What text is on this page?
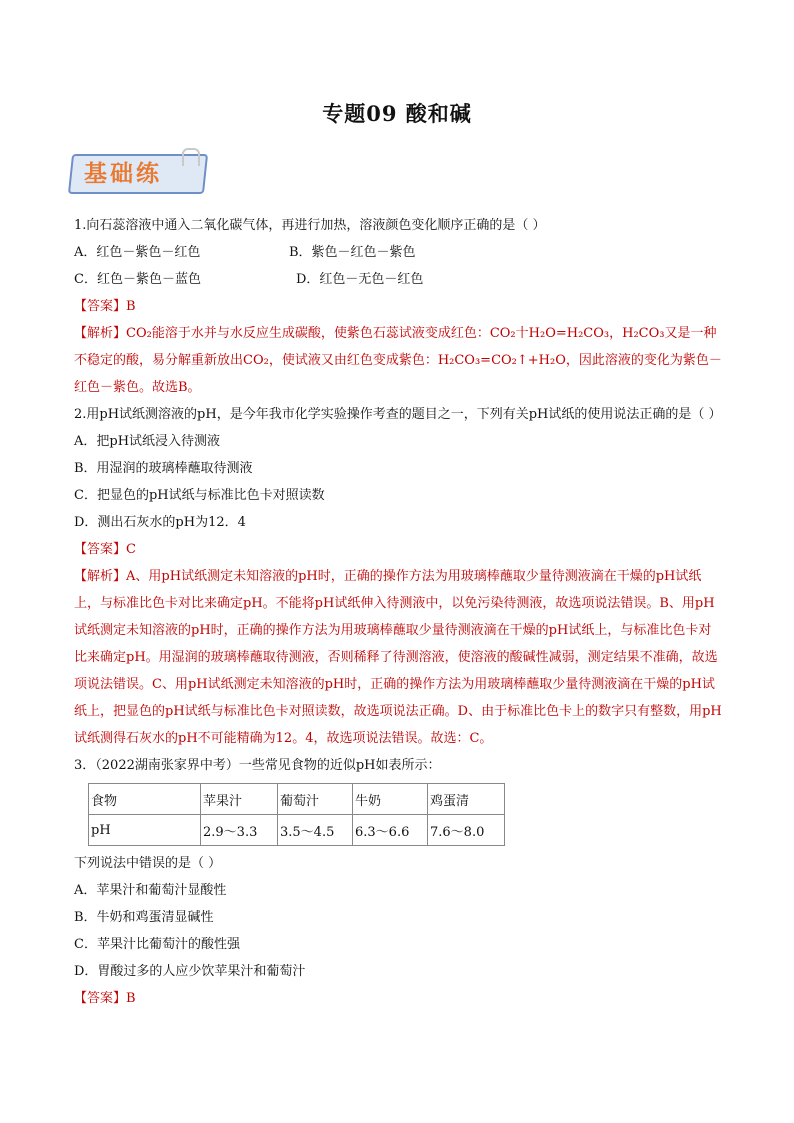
专题09 酸和碱
基础练

1.向石蕊溶液中通入二氧化碳气体，再进行加热，溶液颜色变化顺序正确的是（ ）

A．红色－紫色－红色	B．紫色－红色－紫色
C．红色－紫色－蓝色	D．红色－无色－红色

【答案】B

【解析】CO₂能溶于水并与水反应生成碳酸，使紫色石蕊试液变成红色：CO₂十H₂O=H₂CO₃，H₂CO₃又是一种不稳定的酸，易分解重新放出CO₂，使试液又由红色变成紫色：H₂CO₃=CO₂↑+H₂O，因此溶液的变化为紫色－红色－紫色。故选B。

2.用pH试纸测溶液的pH，是今年我市化学实验操作考查的题目之一，下列有关pH试纸的使用说法正确的是（ ）

A．把pH试纸浸入待测液

B．用湿润的玻璃棒蘸取待测液

C．把显色的pH试纸与标准比色卡对照读数

D．测出石灰水的pH为12．4

【答案】C

【解析】A、用pH试纸测定未知溶液的pH时，正确的操作方法为用玻璃棒蘸取少量待测液滴在干燥的pH试纸上，与标准比色卡对比来确定pH。不能将pH试纸伸入待测液中，以免污染待测液，故选项说法错误。B、用pH试纸测定未知溶液的pH时，正确的操作方法为用玻璃棒蘸取少量待测液滴在干燥的pH试纸上，与标准比色卡对比来确定pH。用湿润的玻璃棒蘸取待测液，否则稀释了待测溶液，使溶液的酸碱性减弱，测定结果不准确，故选项说法错误。C、用pH试纸测定未知溶液的pH时，正确的操作方法为用玻璃棒蘸取少量待测液滴在干燥的pH试纸上，把显色的pH试纸与标准比色卡对照读数，故选项说法正确。D、由于标准比色卡上的数字只有整数，用pH试纸测得石灰水的pH不可能精确为12。4，故选项说法错误。故选：C。

3．（2022湖南张家界中考）一些常见食物的近似pH如表所示：

食物	苹果汁	葡萄汁	牛奶	鸡蛋清
pH	2.9～3.3	3.5～4.5	6.3～6.6	7.6～8.0

下列说法中错误的是（ ）

A．苹果汁和葡萄汁显酸性

B．牛奶和鸡蛋清显碱性

C．苹果汁比葡萄汁的酸性强

D．胃酸过多的人应少饮苹果汁和葡萄汁

【答案】B
